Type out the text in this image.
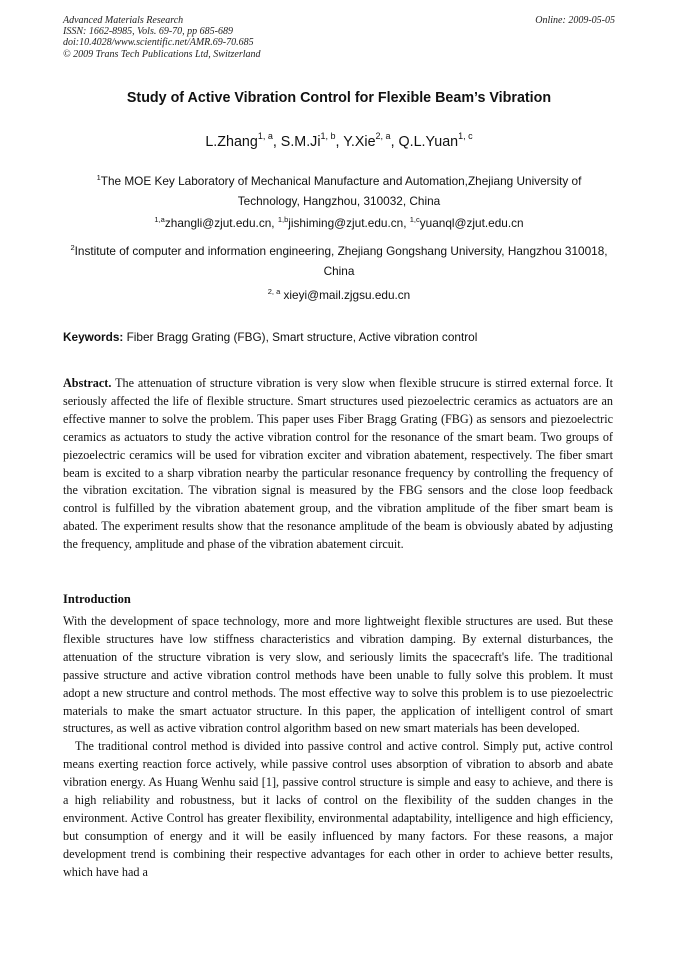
Advanced Materials Research
ISSN: 1662-8985, Vols. 69-70, pp 685-689
doi:10.4028/www.scientific.net/AMR.69-70.685
© 2009 Trans Tech Publications Ltd, Switzerland
Online: 2009-05-05
Study of Active Vibration Control for Flexible Beam’s Vibration
L.Zhang$^{1, a}$, S.M.Ji$^{1, b}$, Y.Xie$^{2, a}$, Q.L.Yuan$^{1, c}$
$^1$The MOE Key Laboratory of Mechanical Manufacture and Automation,Zhejiang University of Technology, Hangzhou, 310032, China
$^{1,a}$zhangli@zjut.edu.cn, $^{1,b}$jishiming@zjut.edu.cn, $^{1,c}$yuanql@zjut.edu.cn
$^2$Institute of computer and information engineering, Zhejiang Gongshang University, Hangzhou 310018, China
$^{2, a}$ xieyi@mail.zjgsu.edu.cn
Keywords: Fiber Bragg Grating (FBG), Smart structure, Active vibration control

Abstract. The attenuation of structure vibration is very slow when flexible strucure is stirred external force. It seriously affected the life of flexible structure. Smart structures used piezoelectric ceramics as actuators are an effective manner to solve the problem. This paper uses Fiber Bragg Grating (FBG) as sensors and piezoelectric ceramics as actuators to study the active vibration control for the resonance of the smart beam. Two groups of piezoelectric ceramics will be used for vibration exciter and vibration abatement, respectively. The fiber smart beam is excited to a sharp vibration nearby the particular resonance frequency by controlling the frequency of the vibration excitation. The vibration signal is measured by the FBG sensors and the close loop feedback control is fulfilled by the vibration abatement group, and the vibration amplitude of the fiber smart beam is abated. The experiment results show that the resonance amplitude of the beam is obviously abated by adjusting the frequency, amplitude and phase of the vibration abatement circuit.

Introduction

With the development of space technology, more and more lightweight flexible structures are used. But these flexible structures have low stiffness characteristics and vibration damping. By external disturbances, the attenuation of the structure vibration is very slow, and seriously limits the spacecraft's life. The traditional passive structure and active vibration control methods have been unable to fully solve this problem. It must adopt a new structure and control methods. The most effective way to solve this problem is to use piezoelectric materials to make the smart actuator structure. In this paper, the application of intelligent control of smart structures, as well as active vibration control algorithm based on new smart materials has been developed.

The traditional control method is divided into passive control and active control. Simply put, active control means exerting reaction force actively, while passive control uses absorption of vibration to absorb and abate vibration energy. As Huang Wenhu said [1], passive control structure is simple and easy to achieve, and there is a high reliability and robustness, but it lacks of control on the flexibility of the sudden changes in the environment. Active Control has greater flexibility, environmental adaptability, intelligence and high efficiency, but consumption of energy and it will be easily influenced by many factors. For these reasons, a major development trend is combining their respective advantages for each other in order to achieve better results, which have had a
